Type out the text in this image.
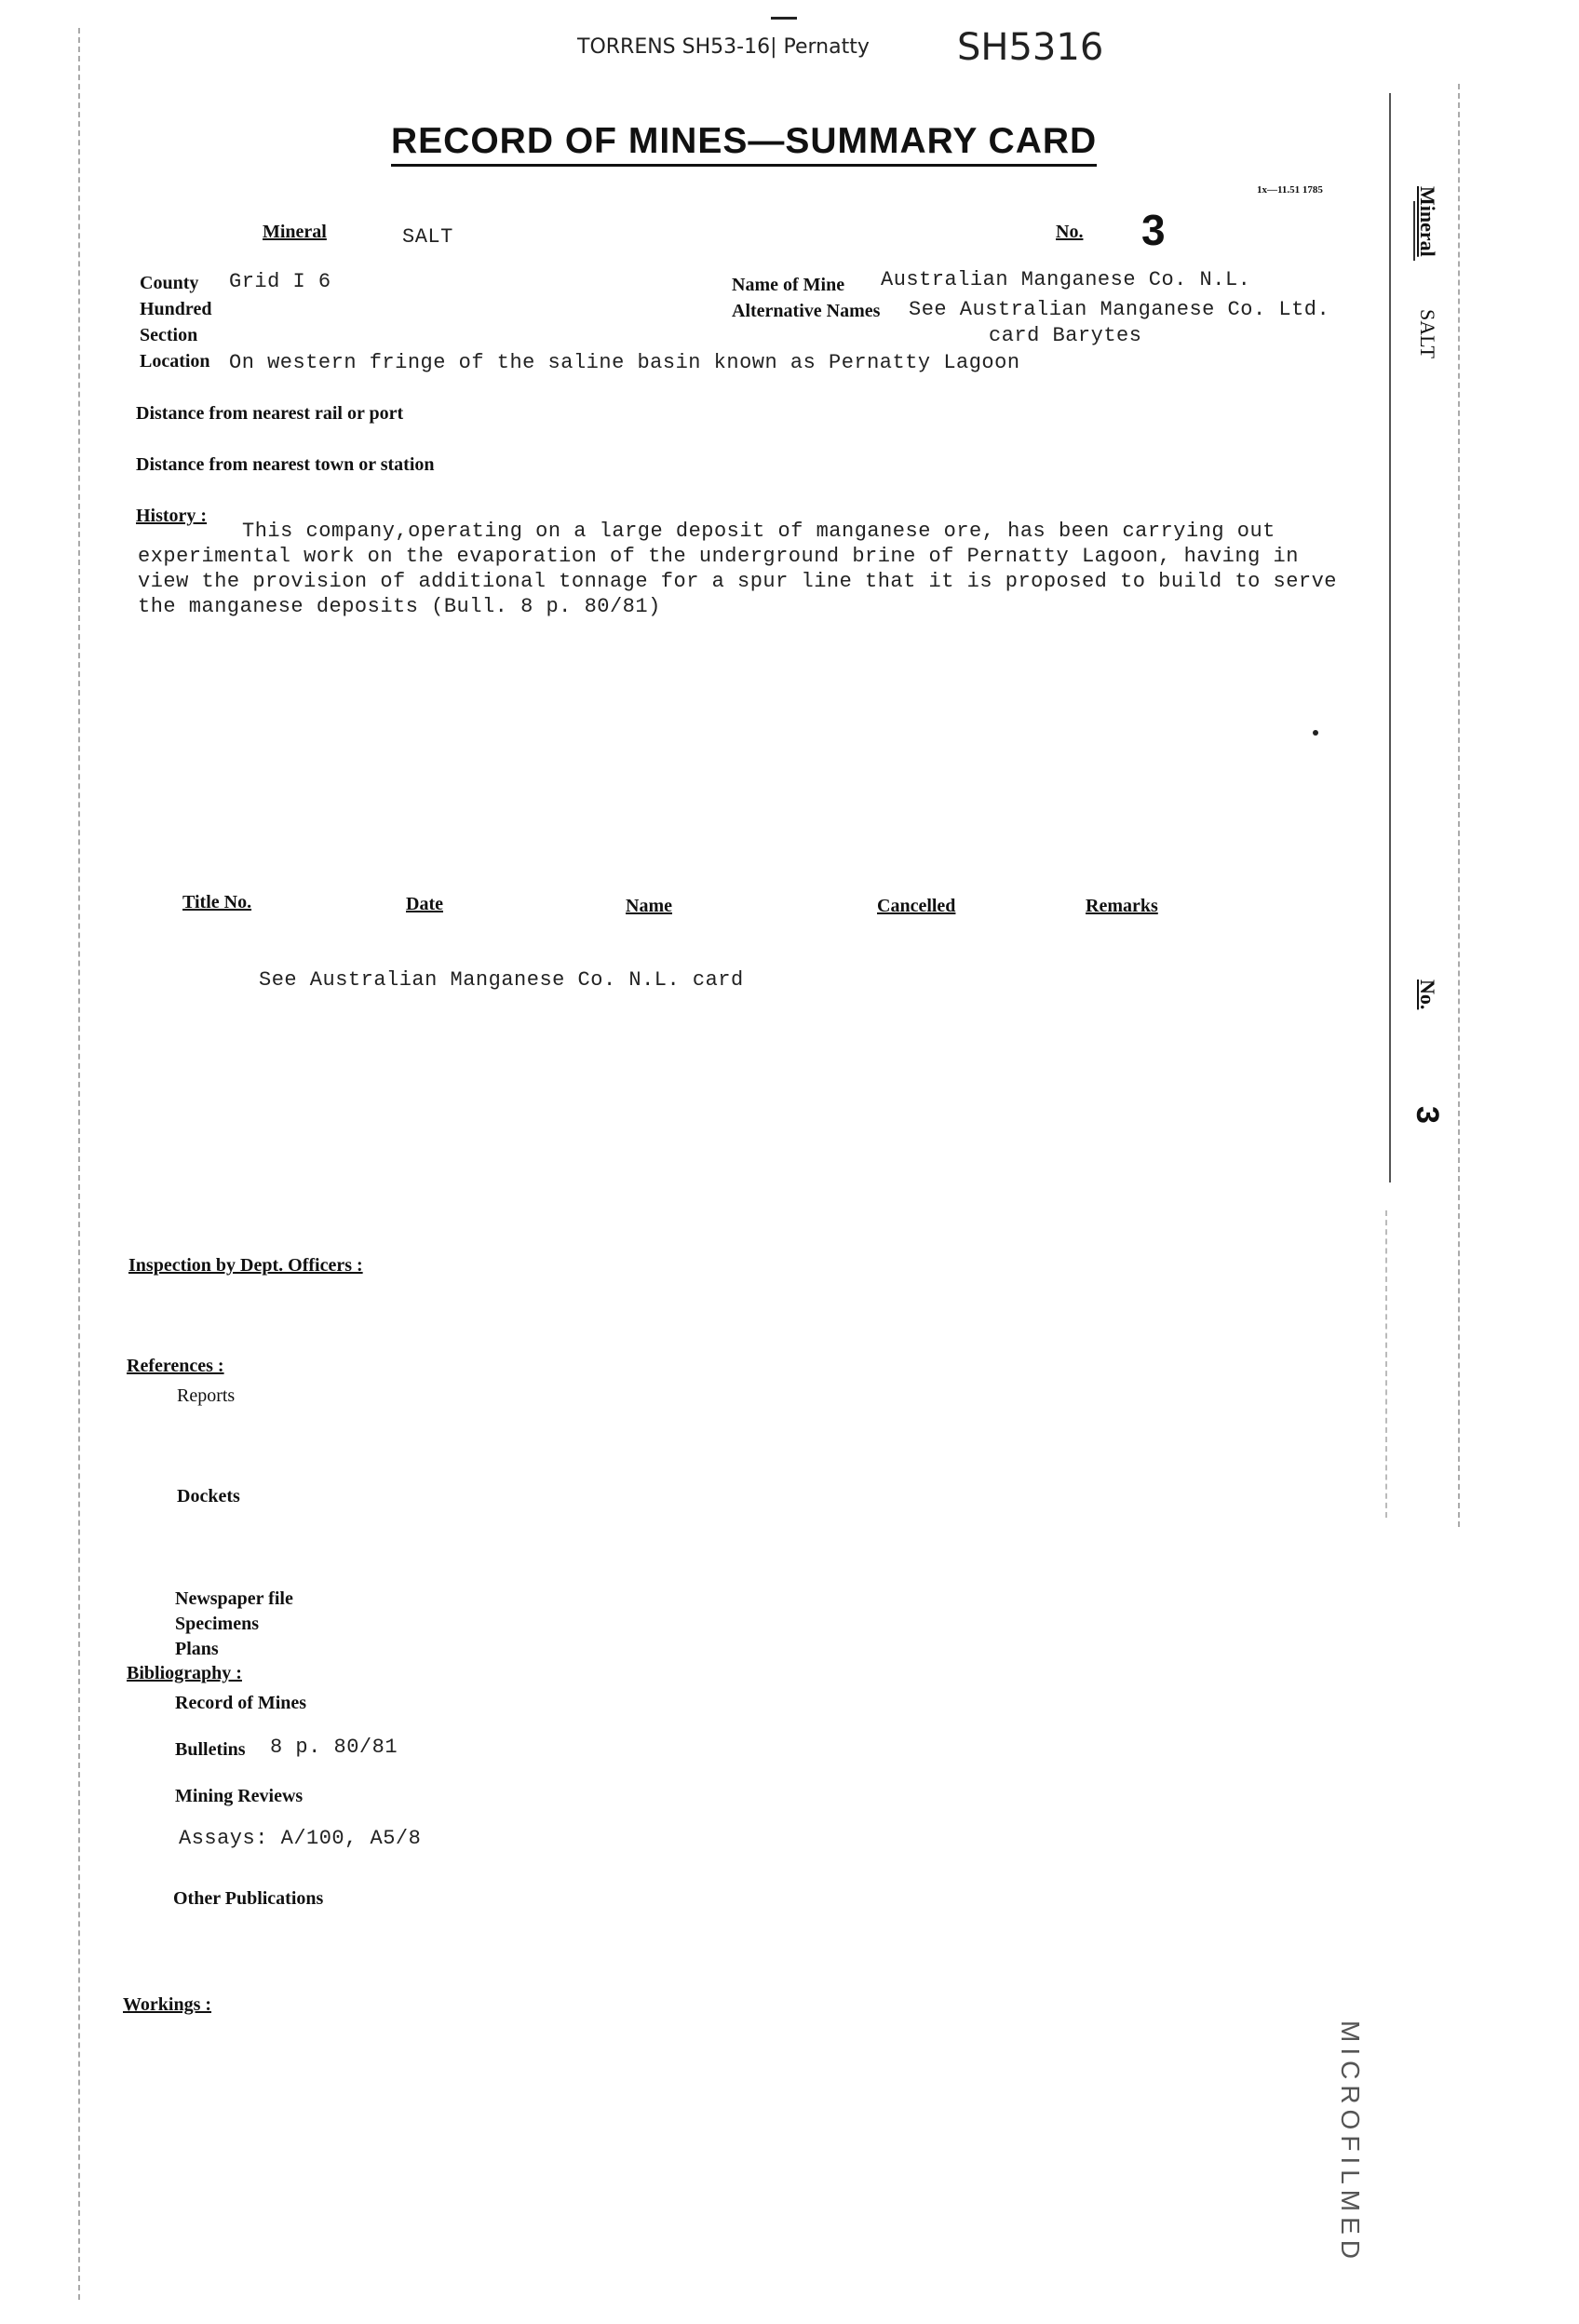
TORRENS SH53-16| Pernatty SH5316
RECORD OF MINES—SUMMARY CARD
1x—11.51 1785
Mineral	SALT	No. 3
County Grid I 6
Hundred
Section
Location On western fringe of the saline basin known as Pernatty Lagoon
Name of Mine Australian Manganese Co. N.L.
Alternative Names See Australian Manganese Co. Ltd.
card Barytes
Distance from nearest rail or port
Distance from nearest town or station
History :
This company,operating on a large deposit of manganese ore, has been carrying out
experimental work on the evaporation of the underground brine of Pernatty Lagoon, having in
view the provision of additional tonnage for a spur line that it is proposed to build to serve
the manganese deposits (Bull. 8 p. 80/81)
Title No.	Date	Name	Cancelled	Remarks
See Australian Manganese Co. N.L. card
Inspection by Dept. Officers :
References :
Reports
Dockets
Newspaper file
Specimens
Plans
Bibliography :
Record of Mines
Bulletins 8 p. 80/81
Mining Reviews
Assays: A/100, A5/8
Other Publications
Workings :
Mineral
SALT
No.
3
MICROFILMED
